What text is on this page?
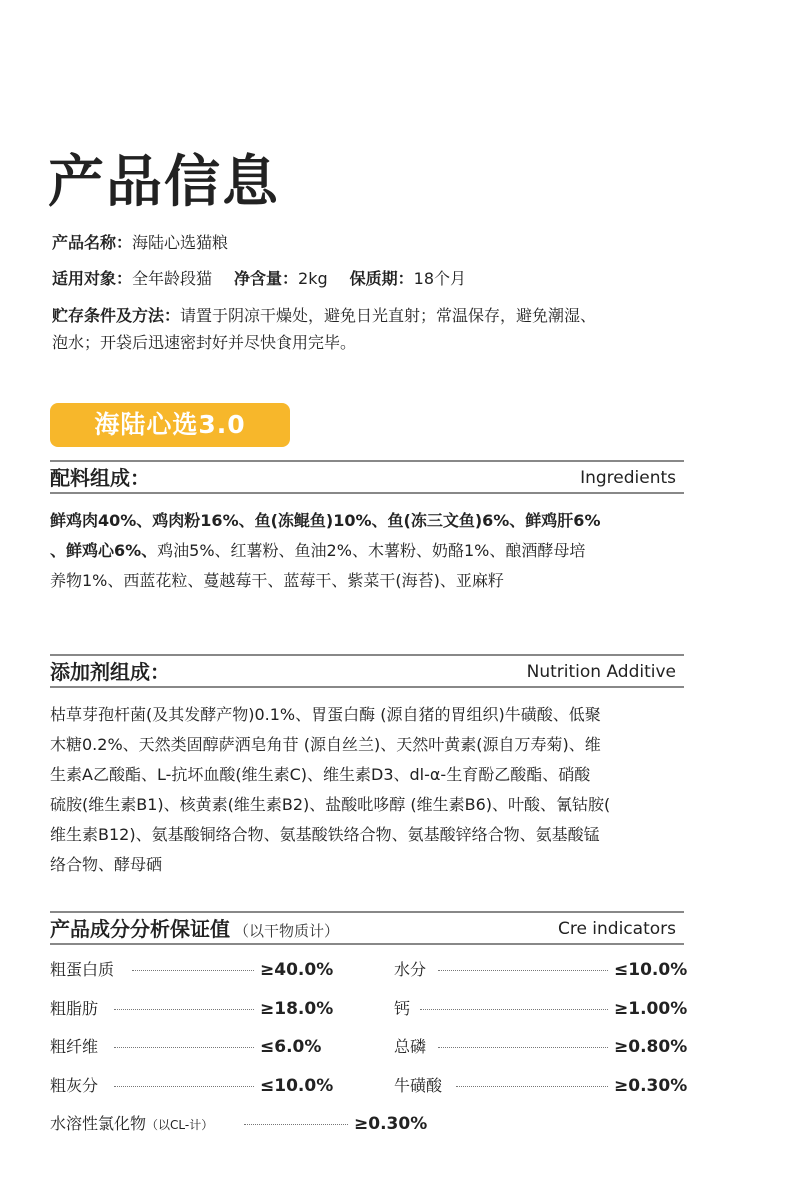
产品信息
产品名称：海陆心选猫粮
适用对象：全年龄段猫 净含量：2kg 保质期：18个月
贮存条件及方法：请置于阴凉干燥处，避免日光直射；常温保存，避免潮湿、
泡水；开袋后迅速密封好并尽快食用完毕。
海陆心选3.0
配料组成：	Ingredients
鲜鸡肉40%、鸡肉粉16%、鱼(冻鲲鱼)10%、鱼(冻三文鱼)6%、鲜鸡肝6%
、鲜鸡心6%、鸡油5%、红薯粉、鱼油2%、木薯粉、奶酪1%、酿酒酵母培
养物1%、西蓝花粒、蔓越莓干、蓝莓干、紫菜干(海苔)、亚麻籽
添加剂组成：	Nutrition Additive
枯草芽孢杆菌(及其发酵产物)0.1%、胃蛋白酶 (源自猪的胃组织)牛磺酸、低聚
木糖0.2%、天然类固醇萨洒皂角苷 (源自丝兰)、天然叶黄素(源自万寿菊)、维
生素A乙酸酯、L-抗坏血酸(维生素C)、维生素D3、dl-α-生育酚乙酸酯、硝酸
硫胺(维生素B1)、核黄素(维生素B2)、盐酸吡哆醇 (维生素B6)、叶酸、氰钴胺(
维生素B12)、氨基酸铜络合物、氨基酸铁络合物、氨基酸锌络合物、氨基酸锰
络合物、酵母硒
产品成分分析保证值 （以干物质计）	Cre indicators
粗蛋白质	≥40.0%	水分	≤10.0%
粗脂肪	≥18.0%	钙	≥1.00%
粗纤维	≤6.0%	总磷	≥0.80%
粗灰分	≤10.0%	牛磺酸	≥0.30%
水溶性氯化物（以CL-计）	≥0.30%
